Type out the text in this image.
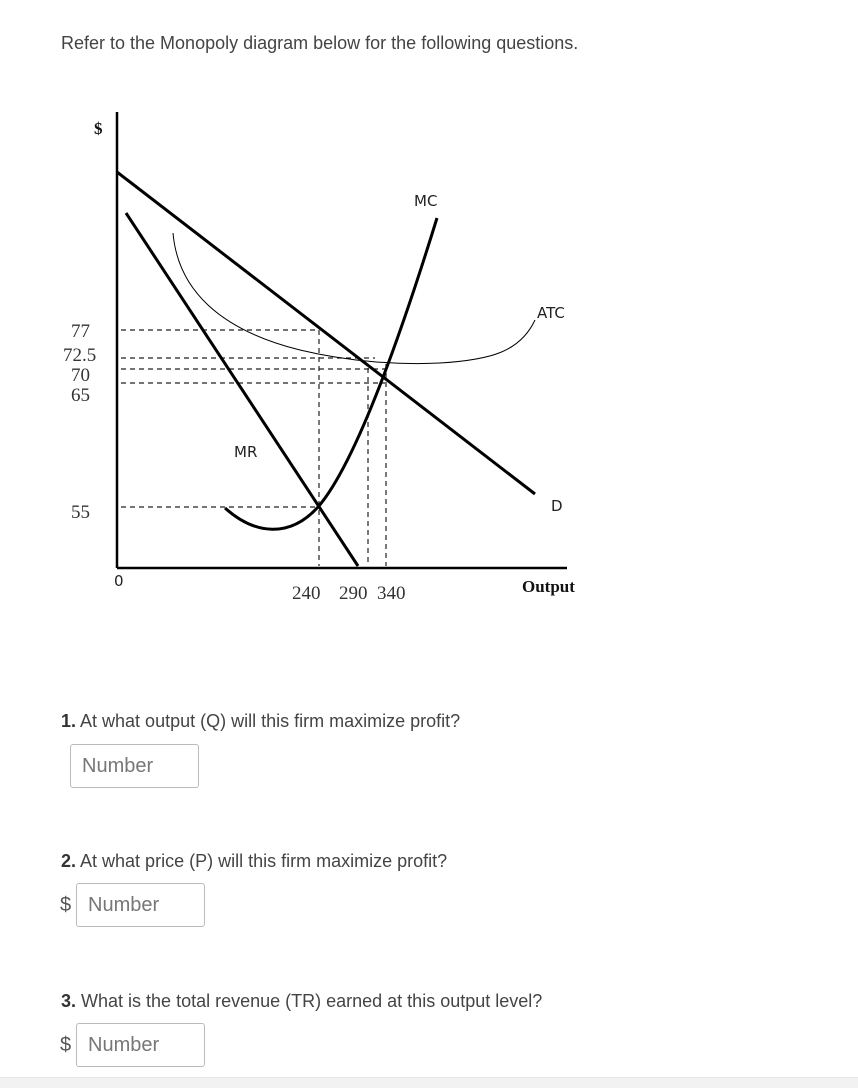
Refer to the Monopoly diagram below for the following questions.
MC
ATC
MR
D
$
0	Output
77
72.5
70
65
55
240 290 340
1. At what output (Q) will this firm maximize profit?
Number
2. At what price (P) will this firm maximize profit?
$
Number
3. What is the total revenue (TR) earned at this output level?
$
Number
